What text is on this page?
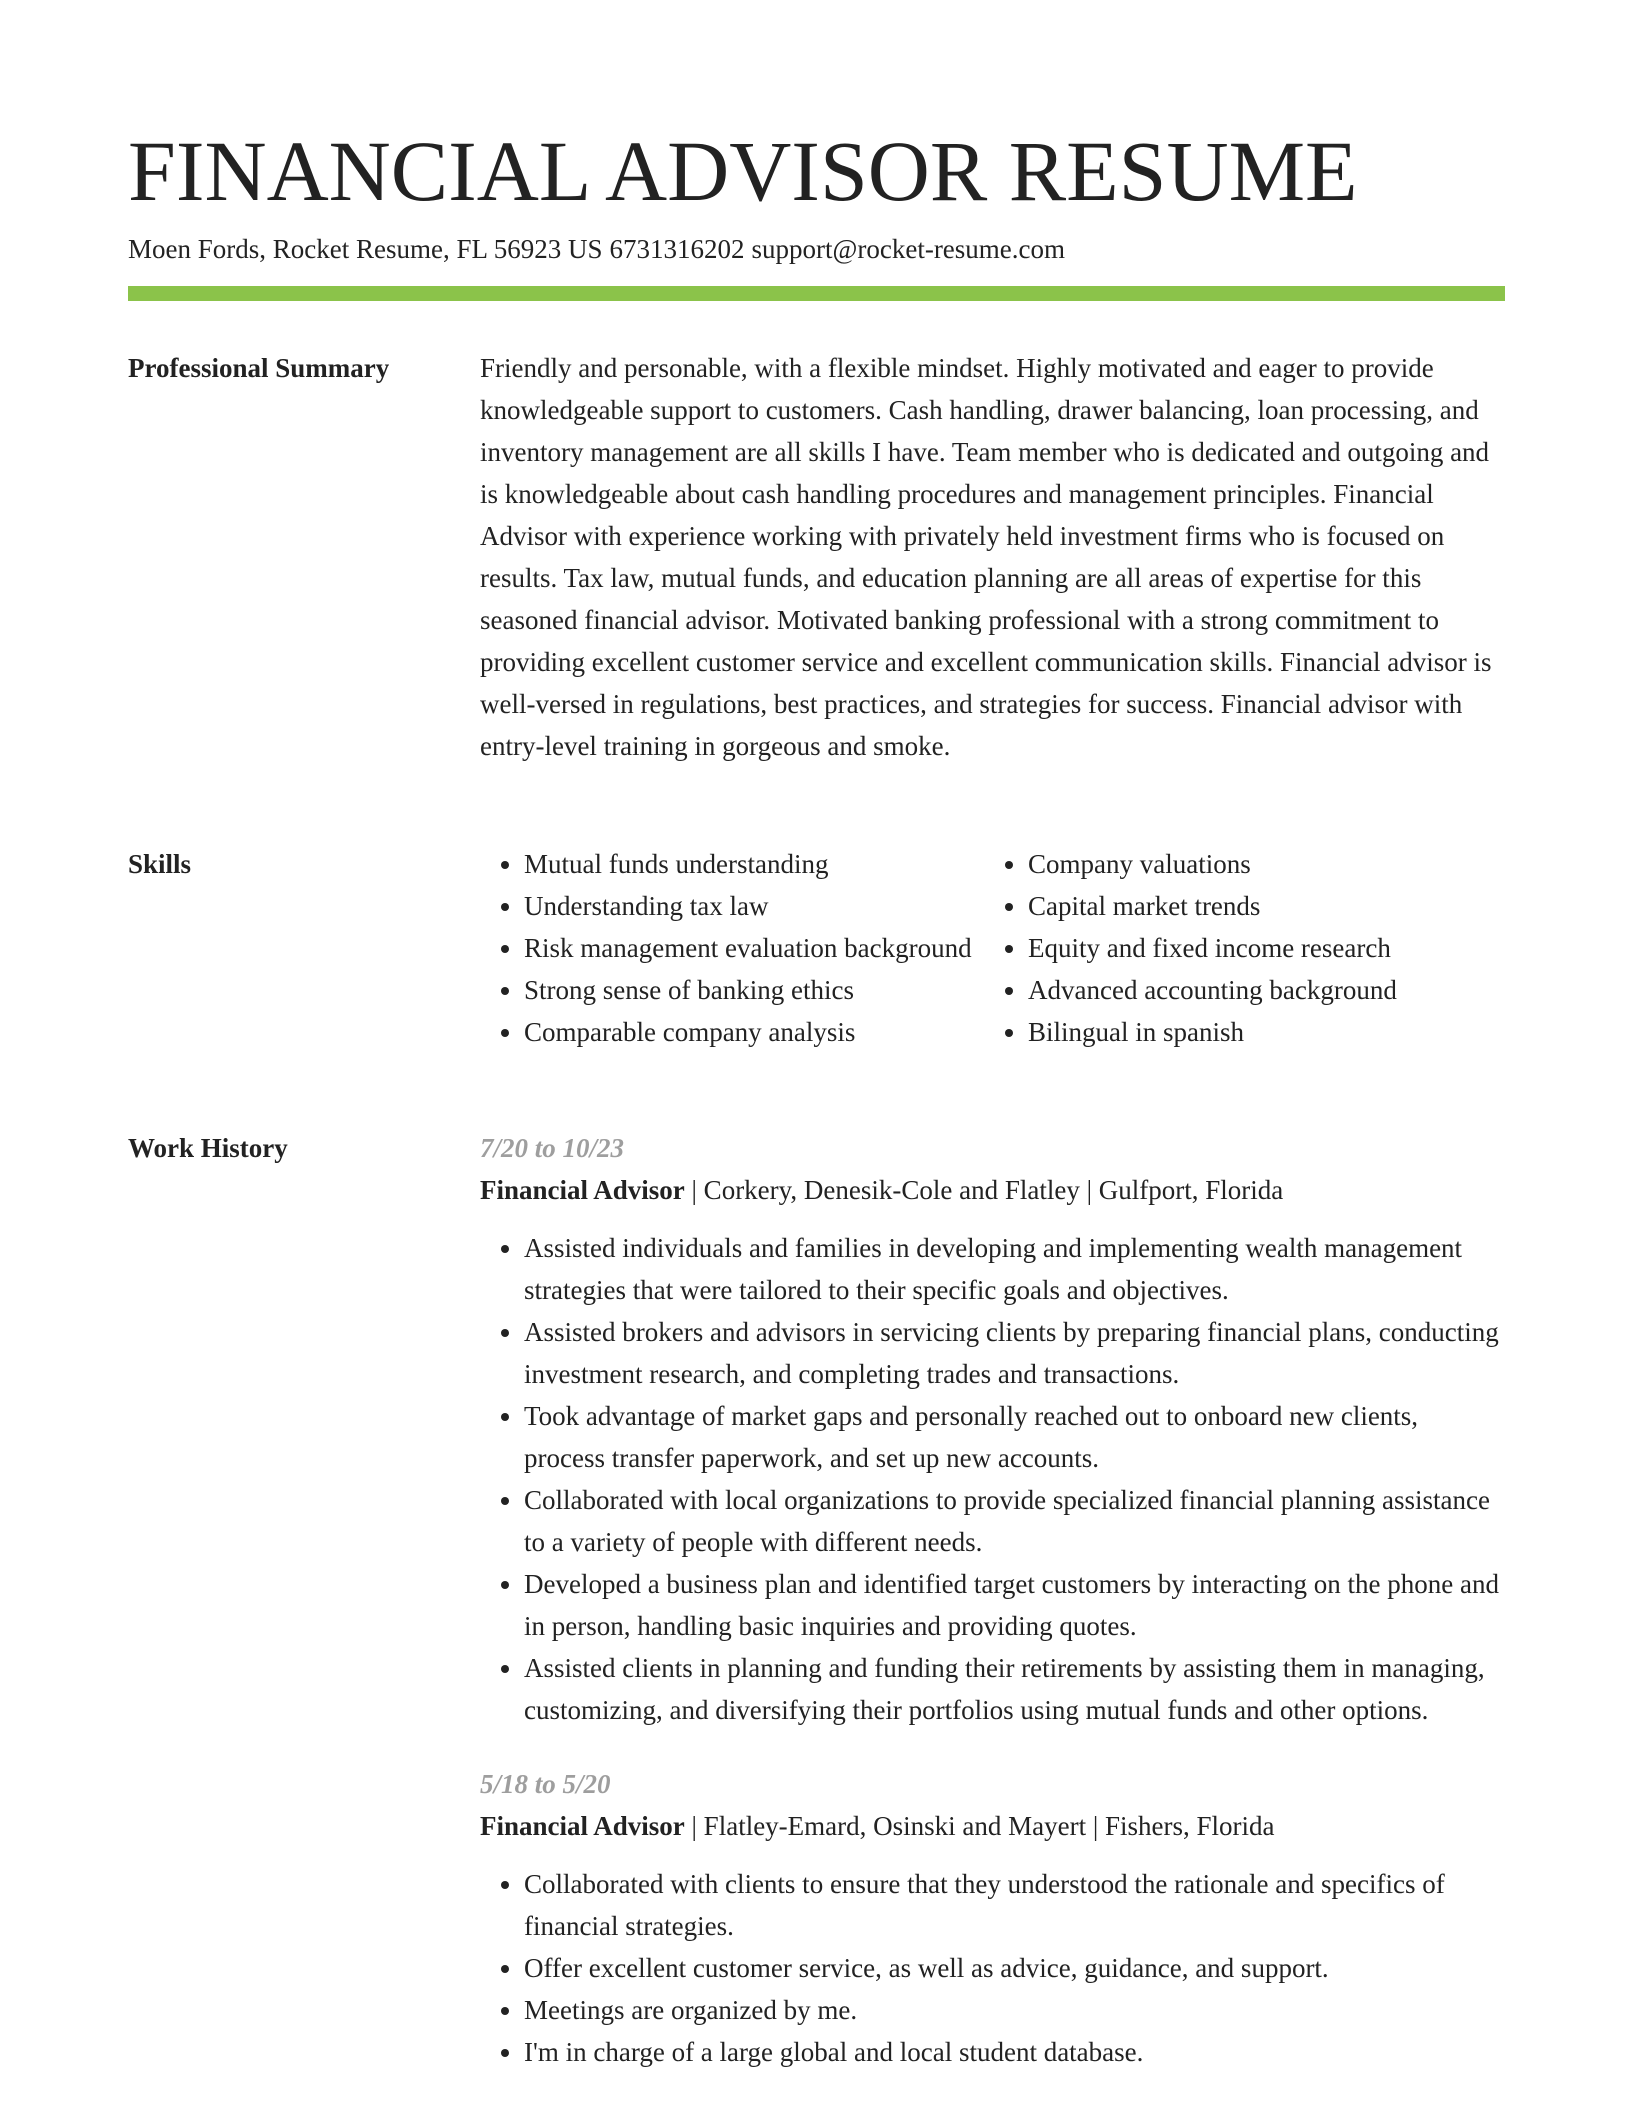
FINANCIAL ADVISOR RESUME
Moen Fords, Rocket Resume, FL 56923 US 6731316202 support@rocket-resume.com
Professional Summary	Friendly and personable, with a flexible mindset. Highly motivated and eager to provide knowledgeable support to customers. Cash handling, drawer balancing, loan processing, and inventory management are all skills I have. Team member who is dedicated and outgoing and is knowledgeable about cash handling procedures and management principles. Financial Advisor with experience working with privately held investment firms who is focused on results. Tax law, mutual funds, and education planning are all areas of expertise for this seasoned financial advisor. Motivated banking professional with a strong commitment to providing excellent customer service and excellent communication skills. Financial advisor is well-versed in regulations, best practices, and strategies for success. Financial advisor with entry-level training in gorgeous and smoke.

Skills
•	Mutual funds understanding
• Understanding tax law
• Risk management evaluation background
• Strong sense of banking ethics
• Comparable company analysis
• Company valuations
• Capital market trends
• Equity and fixed income research
• Advanced accounting background
• Bilingual in spanish
Work History	7/20 to 10/23
Financial Advisor | Corkery, Denesik-Cole and Flatley | Gulfport, Florida
• Assisted individuals and families in developing and implementing wealth management strategies that were tailored to their specific goals and objectives.
• Assisted brokers and advisors in servicing clients by preparing financial plans, conducting investment research, and completing trades and transactions.
• Took advantage of market gaps and personally reached out to onboard new clients, process transfer paperwork, and set up new accounts.
• Collaborated with local organizations to provide specialized financial planning assistance to a variety of people with different needs.
• Developed a business plan and identified target customers by interacting on the phone and in person, handling basic inquiries and providing quotes.
• Assisted clients in planning and funding their retirements by assisting them in managing, customizing, and diversifying their portfolios using mutual funds and other options.
5/18 to 5/20
Financial Advisor | Flatley-Emard, Osinski and Mayert | Fishers, Florida
• Collaborated with clients to ensure that they understood the rationale and specifics of financial strategies.
• Offer excellent customer service, as well as advice, guidance, and support.
• Meetings are organized by me.
• I'm in charge of a large global and local student database.
